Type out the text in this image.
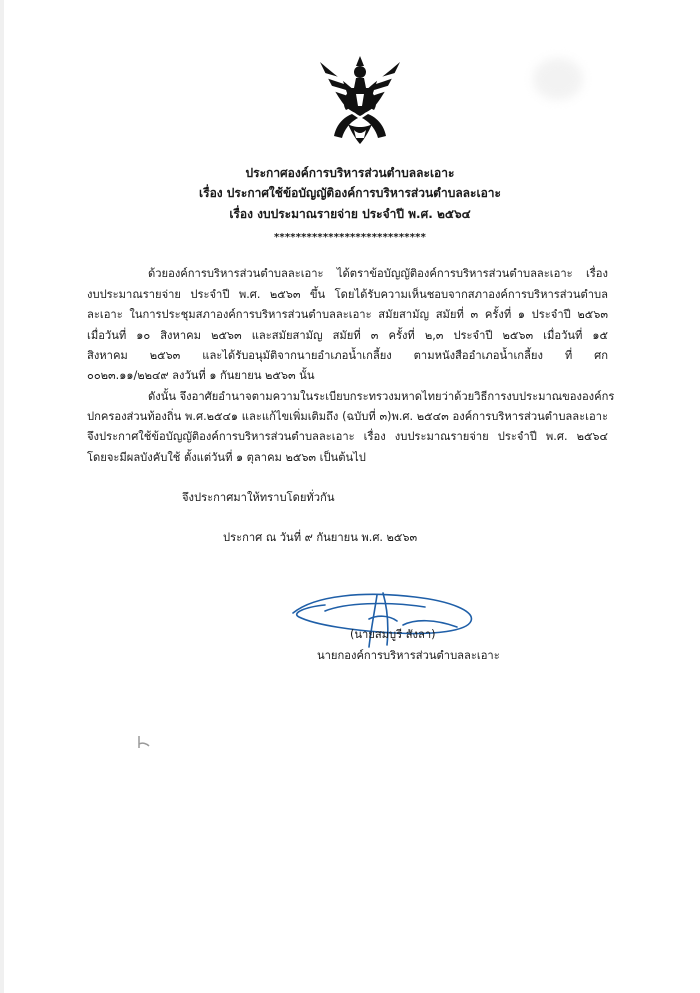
ประกาศองค์การบริหารส่วนตำบลละเอาะ
เรื่อง ประกาศใช้ข้อบัญญัติองค์การบริหารส่วนตำบลละเอาะ
เรื่อง งบประมาณรายจ่าย ประจำปี พ.ศ. ๒๕๖๔
****************************
ด้วยองค์การบริหารส่วนตำบลละเอาะ ได้ตราข้อบัญญัติองค์การบริหารส่วนตำบลละเอาะ เรื่อง
งบประมาณรายจ่าย ประจำปี พ.ศ. ๒๕๖๓ ขึ้น โดยได้รับความเห็นชอบจากสภาองค์การบริหารส่วนตำบล
ละเอาะ ในการประชุมสภาองค์การบริหารส่วนตำบลละเอาะ สมัยสามัญ สมัยที่ ๓ ครั้งที่ ๑ ประจำปี ๒๕๖๓
เมื่อวันที่ ๑๐ สิงหาคม ๒๕๖๓ และสมัยสามัญ สมัยที่ ๓ ครั้งที่ ๒,๓ ประจำปี ๒๕๖๓ เมื่อวันที่ ๑๕
สิงหาคม ๒๕๖๓ และได้รับอนุมัติจากนายอำเภอน้ำเกลี้ยง ตามหนังสืออำเภอน้ำเกลี้ยง ที่ ศก
๐๐๒๓.๑๑/๒๒๔๙ ลงวันที่ ๑ กันยายน ๒๕๖๓ นั้น
ดังนั้น จึงอาศัยอำนาจตามความในระเบียบกระทรวงมหาดไทยว่าด้วยวิธีการงบประมาณขององค์กร
ปกครองส่วนท้องถิ่น พ.ศ.๒๕๔๑ และแก้ไขเพิ่มเติมถึง (ฉบับที่ ๓)พ.ศ. ๒๕๔๓ องค์การบริหารส่วนตำบลละเอาะ
จึงประกาศใช้ข้อบัญญัติองค์การบริหารส่วนตำบลละเอาะ เรื่อง งบประมาณรายจ่าย ประจำปี พ.ศ. ๒๕๖๔
โดยจะมีผลบังคับใช้ ตั้งแต่วันที่ ๑ ตุลาคม ๒๕๖๓ เป็นต้นไป
จึงประกาศมาให้ทราบโดยทั่วกัน
ประกาศ ณ วันที่ ๙ กันยายน พ.ศ. ๒๕๖๓
(นายสมบูรี สังลา)
นายกองค์การบริหารส่วนตำบลละเอาะ
